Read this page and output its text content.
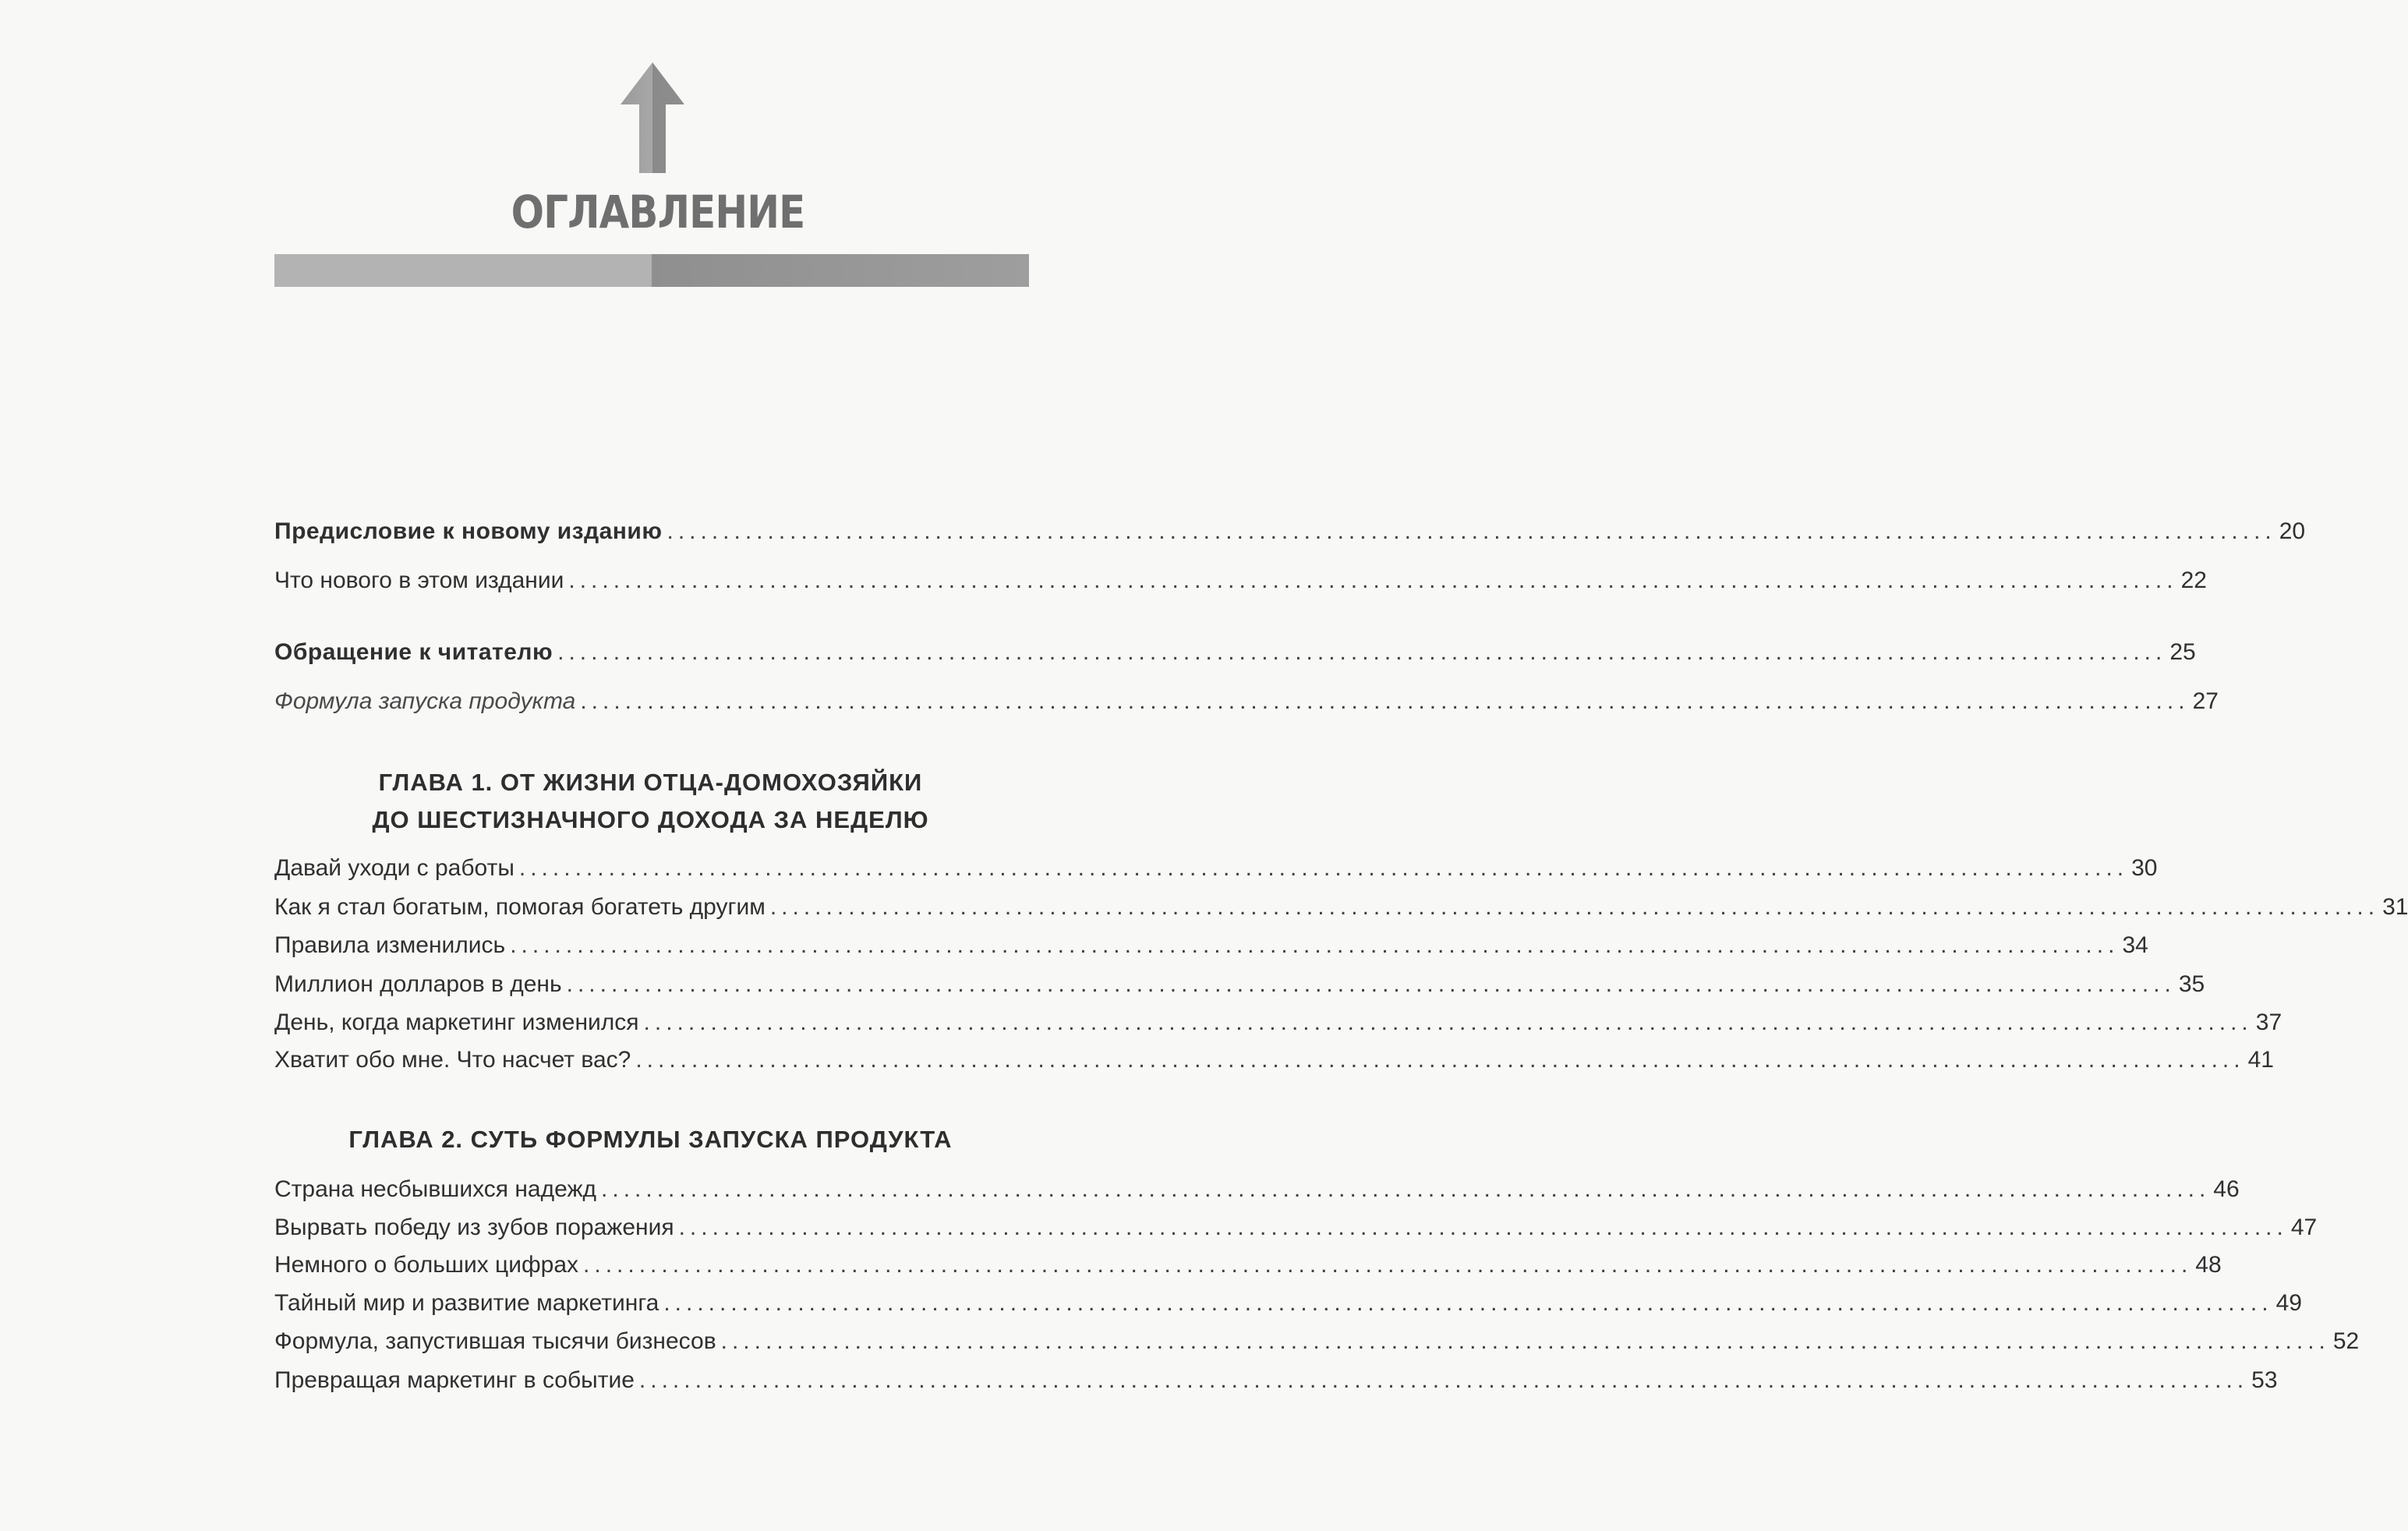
ОГЛАВЛЕНИЕ
Предисловие к новому изданию ................................................................................................................................................ 20
Что нового в этом издании ................................................................................................................................................ 22
Обращение к читателю ................................................................................................................................................ 25
Формула запуска продукта ................................................................................................................................................ 27
ГЛАВА 1. ОТ ЖИЗНИ ОТЦА-ДОМОХОЗЯЙКИ
ДО ШЕСТИЗНАЧНОГО ДОХОДА ЗА НЕДЕЛЮ
Давай уходи с работы ................................................................................................................................................ 30
Как я стал богатым, помогая богатеть другим ................................................................................................................................................ 31
Правила изменились ................................................................................................................................................ 34
Миллион долларов в день ................................................................................................................................................ 35
День, когда маркетинг изменился ................................................................................................................................................ 37
Хватит обо мне. Что насчет вас? ................................................................................................................................................ 41
ГЛАВА 2. СУТЬ ФОРМУЛЫ ЗАПУСКА ПРОДУКТА
Страна несбывшихся надежд ................................................................................................................................................ 46
Вырвать победу из зубов поражения ................................................................................................................................................ 47
Немного о больших цифрах ................................................................................................................................................ 48
Тайный мир и развитие маркетинга ................................................................................................................................................ 49
Формула, запустившая тысячи бизнесов ................................................................................................................................................ 52
Превращая маркетинг в событие ................................................................................................................................................ 53
